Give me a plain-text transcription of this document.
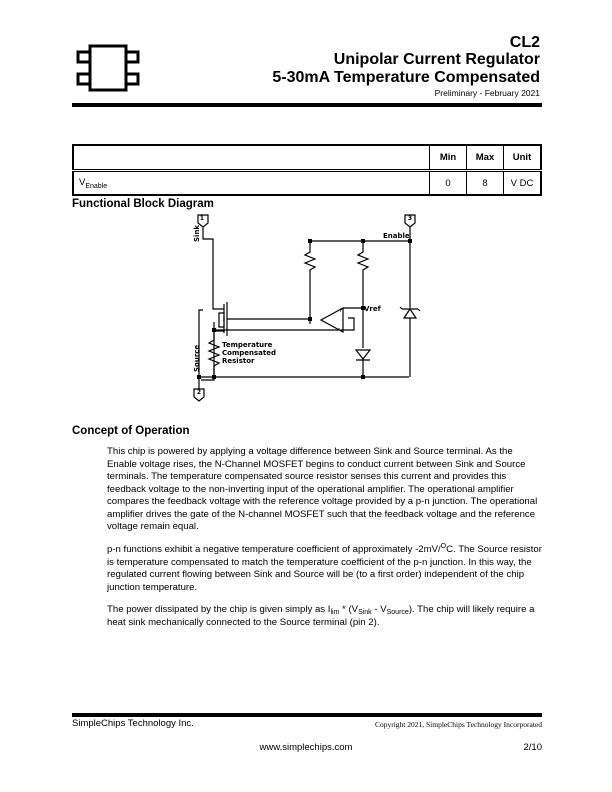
CL2
Unipolar Current Regulator
5-30mA Temperature Compensated
Preliminary - February 2021
	Min	Max	Unit
$V_{Enable}$	0	8	V DC
Functional Block Diagram
1	3
2
Sink
Source
Enable
Vref
+
-
Temperature
Compensated
Resistor
Concept of Operation
This chip is powered by applying a voltage difference between Sink and Source terminal. As the Enable voltage rises, the N-Channel MOSFET begins to conduct current between Sink and Source terminals. The temperature compensated source resistor senses this current and provides this feedback voltage to the non-inverting input of the operational amplifier. The operational amplifier compares the feedback voltage with the reference voltage provided by a p-n junction. The operational amplifier drives the gate of the N-channel MOSFET such that the feedback voltage and the reference voltage remain equal.
p-n functions exhibit a negative temperature coefficient of approximately -2mV/$^O$C. The Source resistor is temperature compensated to match the temperature coefficient of the p-n junction. In this way, the regulated current flowing between Sink and Source will be (to a first order) independent of the chip junction temperature.
The power dissipated by the chip is given simply as $I_{lim} * (V_{Sink} - V_{Source})$. The chip will likely require a heat sink mechanically connected to the Source terminal (pin 2).
SimpleChips Technology Inc.	Copyright 2021, SimpleChips Technology Incorporated
www.simplechips.com	2/10
